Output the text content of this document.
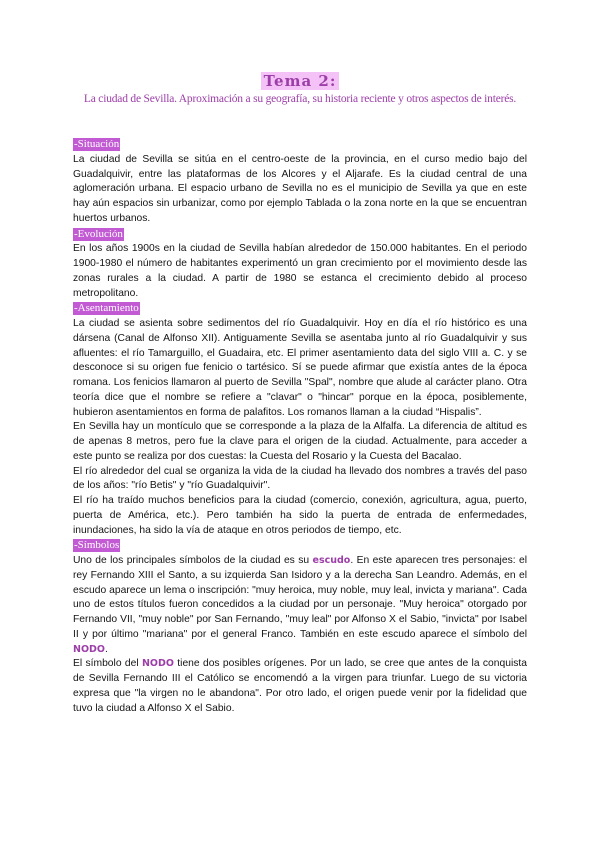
Tema 2:
La ciudad de Sevilla. Aproximación a su geografía, su historia reciente y otros aspectos de interés.
-Situación

La ciudad de Sevilla se sitúa en el centro-oeste de la provincia, en el curso medio bajo del Guadalquivir, entre las plataformas de los Alcores y el Aljarafe. Es la ciudad central de una aglomeración urbana. El espacio urbano de Sevilla no es el municipio de Sevilla ya que en este hay aún espacios sin urbanizar, como por ejemplo Tablada o la zona norte en la que se encuentran huertos urbanos.

-Evolución

En los años 1900s en la ciudad de Sevilla habían alrededor de 150.000 habitantes. En el periodo 1900-1980 el número de habitantes experimentó un gran crecimiento por el movimiento desde las zonas rurales a la ciudad. A partir de 1980 se estanca el crecimiento debido al proceso metropolitano.

-Asentamiento

La ciudad se asienta sobre sedimentos del río Guadalquivir. Hoy en día el río histórico es una dársena (Canal de Alfonso XII). Antiguamente Sevilla se asentaba junto al río Guadalquivir y sus afluentes: el río Tamarguillo, el Guadaira, etc. El primer asentamiento data del siglo VIII a. C. y se desconoce si su origen fue fenicio o tartésico. Sí se puede afirmar que existía antes de la época romana. Los fenicios llamaron al puerto de Sevilla "Spal", nombre que alude al carácter plano. Otra teoría dice que el nombre se refiere a "clavar" o "hincar" porque en la época, posiblemente, hubieron asentamientos en forma de palafitos. Los romanos llaman a la ciudad “Hispalis”.

En Sevilla hay un montículo que se corresponde a la plaza de la Alfalfa. La diferencia de altitud es de apenas 8 metros, pero fue la clave para el origen de la ciudad. Actualmente, para acceder a este punto se realiza por dos cuestas: la Cuesta del Rosario y la Cuesta del Bacalao.

El río alrededor del cual se organiza la vida de la ciudad ha llevado dos nombres a través del paso de los años: "río Betis" y "río Guadalquivir".

El río ha traído muchos beneficios para la ciudad (comercio, conexión, agricultura, agua, puerto, puerta de América, etc.). Pero también ha sido la puerta de entrada de enfermedades, inundaciones, ha sido la vía de ataque en otros periodos de tiempo, etc.

-Símbolos

Uno de los principales símbolos de la ciudad es su escudo. En este aparecen tres personajes: el rey Fernando XIII el Santo, a su izquierda San Isidoro y a la derecha San Leandro. Además, en el escudo aparece un lema o inscripción: "muy heroica, muy noble, muy leal, invicta y mariana". Cada uno de estos títulos fueron concedidos a la ciudad por un personaje. "Muy heroica" otorgado por Fernando VII, "muy noble" por San Fernando, "muy leal" por Alfonso X el Sabio, "invicta" por Isabel II y por último "mariana" por el general Franco. También en este escudo aparece el símbolo del NODO.

El símbolo del NODO tiene dos posibles orígenes. Por un lado, se cree que antes de la conquista de Sevilla Fernando III el Católico se encomendó a la virgen para triunfar. Luego de su victoria expresa que "la virgen no le abandona". Por otro lado, el origen puede venir por la fidelidad que tuvo la ciudad a Alfonso X el Sabio.
